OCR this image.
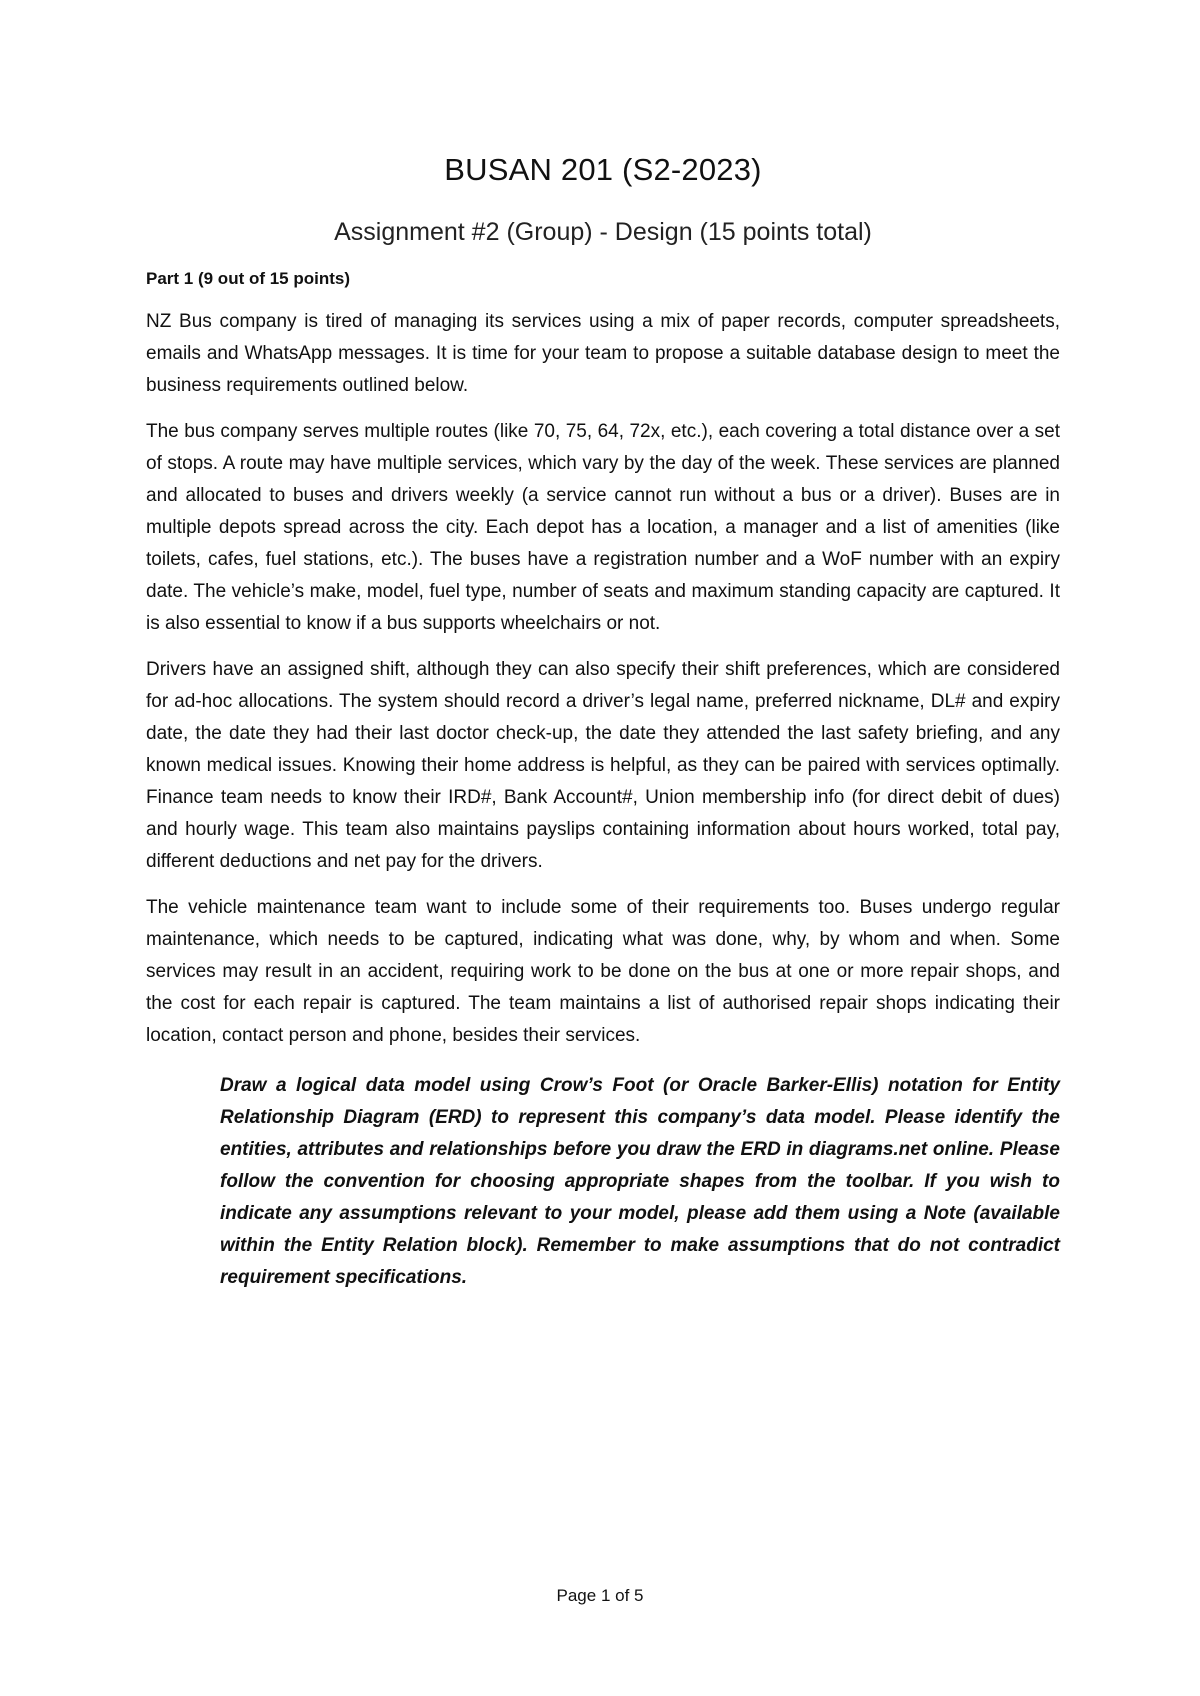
BUSAN 201 (S2-2023)
Assignment #2 (Group) - Design (15 points total)
Part 1 (9 out of 15 points)

NZ Bus company is tired of managing its services using a mix of paper records, computer spreadsheets, emails and WhatsApp messages. It is time for your team to propose a suitable database design to meet the business requirements outlined below.

The bus company serves multiple routes (like 70, 75, 64, 72x, etc.), each covering a total distance over a set of stops. A route may have multiple services, which vary by the day of the week. These services are planned and allocated to buses and drivers weekly (a service cannot run without a bus or a driver). Buses are in multiple depots spread across the city. Each depot has a location, a manager and a list of amenities (like toilets, cafes, fuel stations, etc.). The buses have a registration number and a WoF number with an expiry date. The vehicle’s make, model, fuel type, number of seats and maximum standing capacity are captured. It is also essential to know if a bus supports wheelchairs or not.

Drivers have an assigned shift, although they can also specify their shift preferences, which are considered for ad-hoc allocations. The system should record a driver’s legal name, preferred nickname, DL# and expiry date, the date they had their last doctor check-up, the date they attended the last safety briefing, and any known medical issues. Knowing their home address is helpful, as they can be paired with services optimally. Finance team needs to know their IRD#, Bank Account#, Union membership info (for direct debit of dues) and hourly wage. This team also maintains payslips containing information about hours worked, total pay, different deductions and net pay for the drivers.

The vehicle maintenance team want to include some of their requirements too. Buses undergo regular maintenance, which needs to be captured, indicating what was done, why, by whom and when. Some services may result in an accident, requiring work to be done on the bus at one or more repair shops, and the cost for each repair is captured. The team maintains a list of authorised repair shops indicating their location, contact person and phone, besides their services.

Draw a logical data model using Crow’s Foot (or Oracle Barker-Ellis) notation for Entity Relationship Diagram (ERD) to represent this company’s data model. Please identify the entities, attributes and relationships before you draw the ERD in diagrams.net online. Please follow the convention for choosing appropriate shapes from the toolbar. If you wish to indicate any assumptions relevant to your model, please add them using a Note (available within the Entity Relation block). Remember to make assumptions that do not contradict requirement specifications.

Page 1 of 5
